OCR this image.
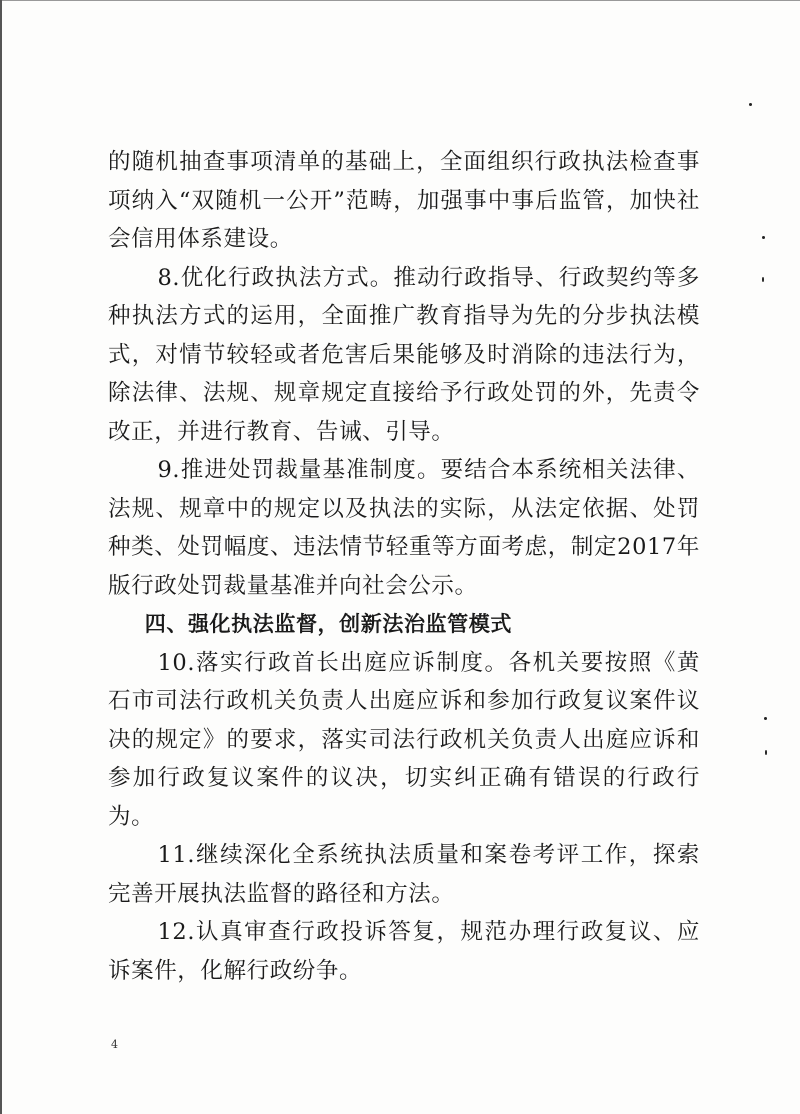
的随机抽查事项清单的基础上，全面组织行政执法检查事项纳入“双随机一公开”范畴，加强事中事后监管，加快社会信用体系建设。

8.优化行政执法方式。推动行政指导、行政契约等多种执法方式的运用，全面推广教育指导为先的分步执法模式，对情节较轻或者危害后果能够及时消除的违法行为，除法律、法规、规章规定直接给予行政处罚的外，先责令改正，并进行教育、告诫、引导。

9.推进处罚裁量基准制度。要结合本系统相关法律、法规、规章中的规定以及执法的实际，从法定依据、处罚种类、处罚幅度、违法情节轻重等方面考虑，制定2017年版行政处罚裁量基准并向社会公示。

四、强化执法监督，创新法治监管模式

10.落实行政首长出庭应诉制度。各机关要按照《黄石市司法行政机关负责人出庭应诉和参加行政复议案件议决的规定》的要求，落实司法行政机关负责人出庭应诉和参加行政复议案件的议决，切实纠正确有错误的行政行为。

11.继续深化全系统执法质量和案卷考评工作，探索完善开展执法监督的路径和方法。

12.认真审查行政投诉答复，规范办理行政复议、应诉案件，化解行政纷争。

4
